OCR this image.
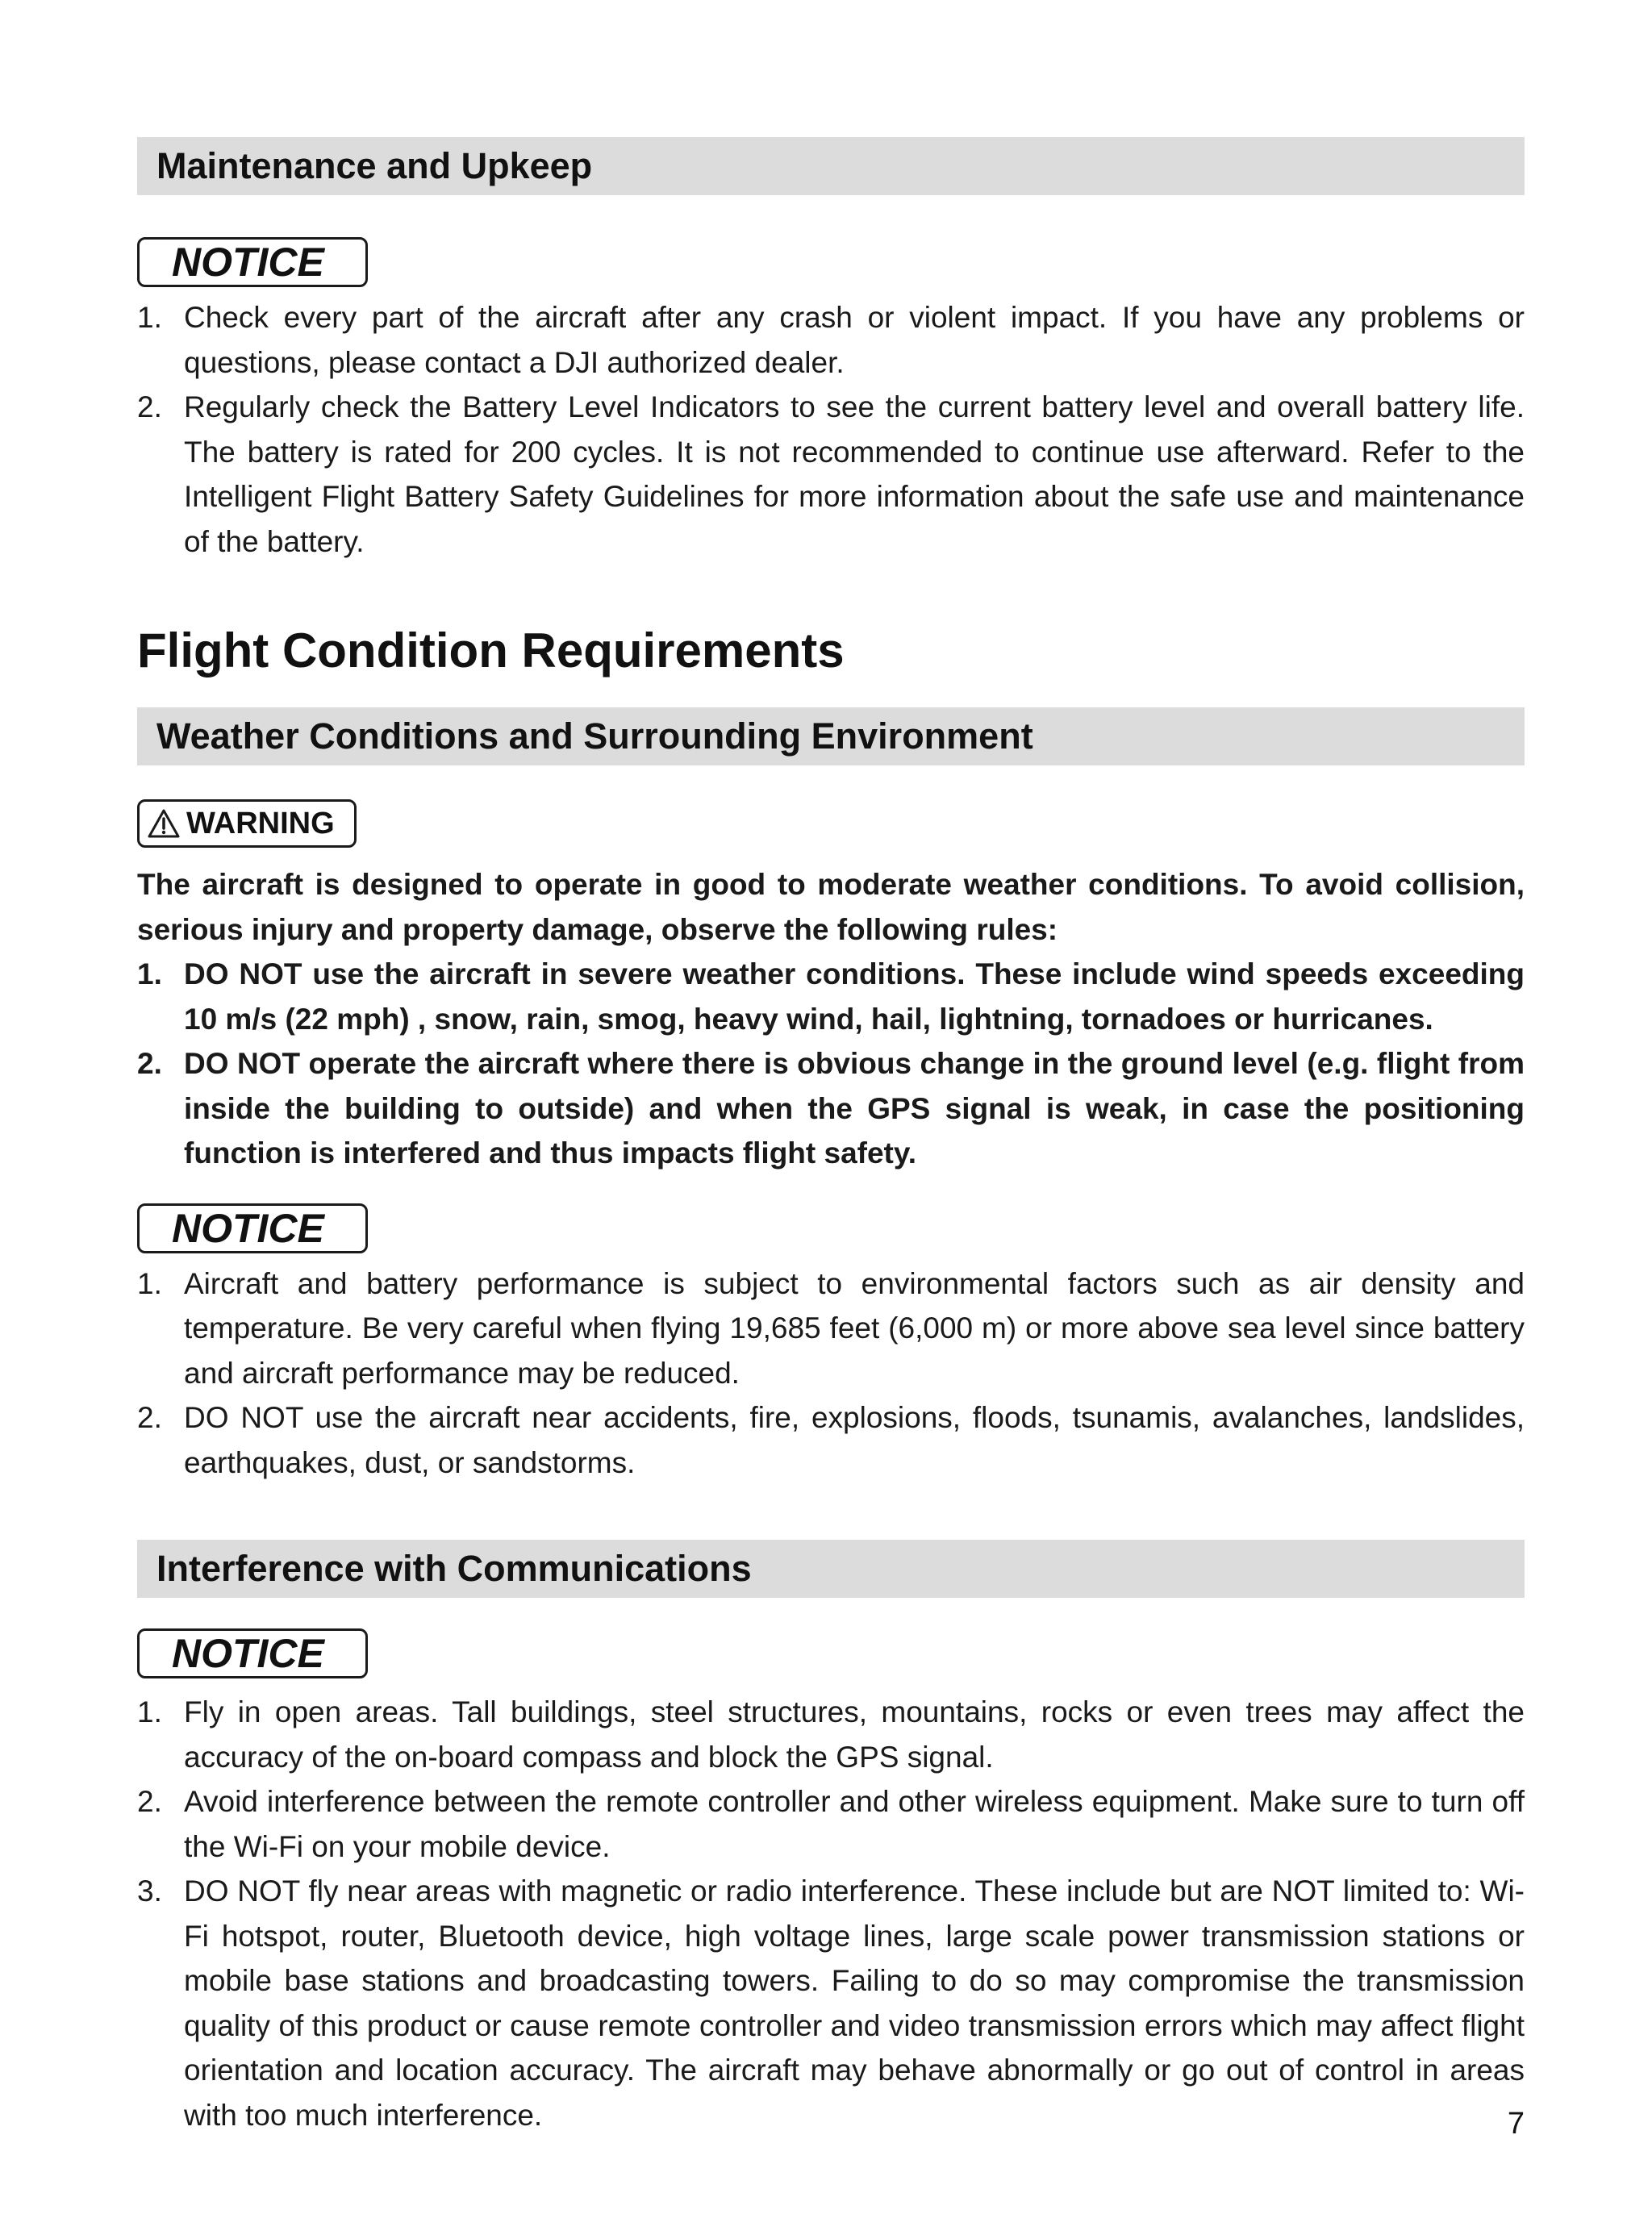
Maintenance and Upkeep
NOTICE
1. Check every part of the aircraft after any crash or violent impact. If you have any problems or questions, please contact a DJI authorized dealer.
2. Regularly check the Battery Level Indicators to see the current battery level and overall battery life. The battery is rated for 200 cycles. It is not recommended to continue use afterward. Refer to the Intelligent Flight Battery Safety Guidelines for more information about the safe use and maintenance of the battery.
Flight Condition Requirements
Weather Conditions and Surrounding Environment
WARNING

The aircraft is designed to operate in good to moderate weather conditions. To avoid collision, serious injury and property damage, observe the following rules:

1. DO NOT use the aircraft in severe weather conditions. These include wind speeds exceeding 10 m/s (22 mph) , snow, rain, smog, heavy wind, hail, lightning, tornadoes or hurricanes.
2. DO NOT operate the aircraft where there is obvious change in the ground level (e.g. flight from inside the building to outside) and when the GPS signal is weak, in case the positioning function is interfered and thus impacts flight safety.
NOTICE
1. Aircraft and battery performance is subject to environmental factors such as air density and temperature. Be very careful when flying 19,685 feet (6,000 m) or more above sea level since battery and aircraft performance may be reduced.
2. DO NOT use the aircraft near accidents, fire, explosions, floods, tsunamis, avalanches, landslides, earthquakes, dust, or sandstorms.
Interference with Communications
NOTICE
1. Fly in open areas. Tall buildings, steel structures, mountains, rocks or even trees may affect the accuracy of the on-board compass and block the GPS signal.
2. Avoid interference between the remote controller and other wireless equipment. Make sure to turn off the Wi-Fi on your mobile device.
3. DO NOT fly near areas with magnetic or radio interference. These include but are NOT limited to: Wi-Fi hotspot, router, Bluetooth device, high voltage lines, large scale power transmission stations or mobile base stations and broadcasting towers. Failing to do so may compromise the transmission quality of this product or cause remote controller and video transmission errors which may affect flight orientation and location accuracy. The aircraft may behave abnormally or go out of control in areas with too much interference.	7
